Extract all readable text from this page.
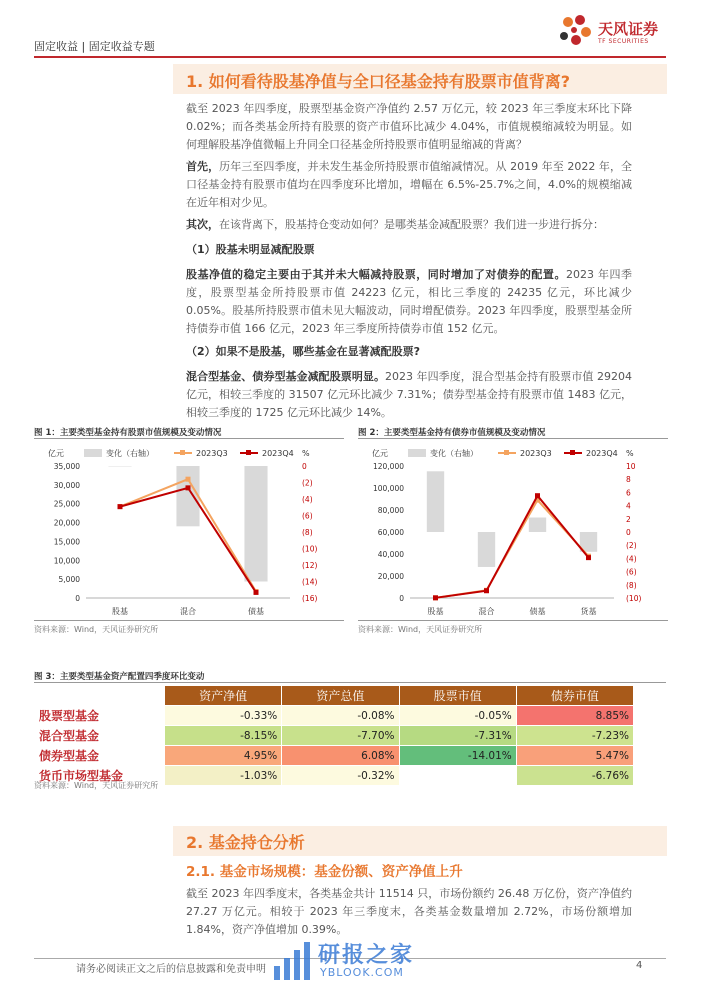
固定收益 | 固定收益专题
天风证券
TF SECURITIES
1. 如何看待股基净值与全口径基金持有股票市值背离?
截至 2023 年四季度，股票型基金资产净值约 2.57 万亿元，较 2023 年三季度末环比下降 0.02%；而各类基金所持有股票的资产市值环比减少 4.04%，市值规模缩减较为明显。如何理解股基净值微幅上升同全口径基金所持股票市值明显缩减的背离？
首先，历年三至四季度，并未发生基金所持股票市值缩减情况。从 2019 年至 2022 年，全口径基金持有股票市值均在四季度环比增加，增幅在 6.5%-25.7%之间，4.0%的规模缩减在近年相对少见。
其次，在该背离下，股基持仓变动如何？是哪类基金减配股票？我们进一步进行拆分：
（1）股基未明显减配股票
股基净值的稳定主要由于其并未大幅减持股票，同时增加了对债券的配置。2023 年四季度，股票型基金所持股票市值 24223 亿元，相比三季度的 24235 亿元，环比减少 0.05%。股基所持股票市值未见大幅波动，同时增配债券。2023 年四季度，股票型基金所持债券市值 166 亿元，2023 年三季度所持债券市值 152 亿元。
（2）如果不是股基，哪些基金在显著减配股票?
混合型基金、债券型基金减配股票明显。2023 年四季度，混合型基金持有股票市值 29204 亿元，相较三季度的 31507 亿元环比减少 7.31%；债券型基金持有股票市值 1483 亿元，相较三季度的 1725 亿元环比减少 14%。
图 1：主要类型基金持有股票市值规模及变动情况
亿元	%
变化（右轴）	2023Q3	2023Q4
35,000
30,000
25,000
20,000
15,000
10,000
5,000
0
0
(2)
(4)
(6)
(8)
(10)
(12)
(14)
(16)
股基	混合	债基
资料来源：Wind，天风证券研究所
图 2：主要类型基金持有债券市值规模及变动情况
亿元	%
变化（右轴）	2023Q3	2023Q4
120,000
100,000
80,000
60,000
40,000
20,000
0
10
8
6
4
2
0
(2)
(4)
(6)
(8)
(10)
股基	混合	债基	货基
资料来源：Wind，天风证券研究所
图 3：主要类型基金资产配置四季度环比变动
	资产净值	资产总值	股票市值	债券市值
股票型基金	-0.33%	-0.08%	-0.05%	8.85%
混合型基金	-8.15%	-7.70%	-7.31%	-7.23%
债券型基金	4.95%	6.08%	-14.01%	5.47%
货币市场型基金	-1.03%	-0.32%		-6.76%
资料来源：Wind，天风证券研究所
2. 基金持仓分析
2.1. 基金市场规模：基金份额、资产净值上升
截至 2023 年四季度末，各类基金共计 11514 只，市场份额约 26.48 万亿份，资产净值约 27.27 万亿元。相较于 2023 年三季度末，各类基金数量增加 2.72%，市场份额增加 1.84%，资产净值增加 0.39%。
请务必阅读正文之后的信息披露和免责申明	4
研报之家
YBLOOK.COM
